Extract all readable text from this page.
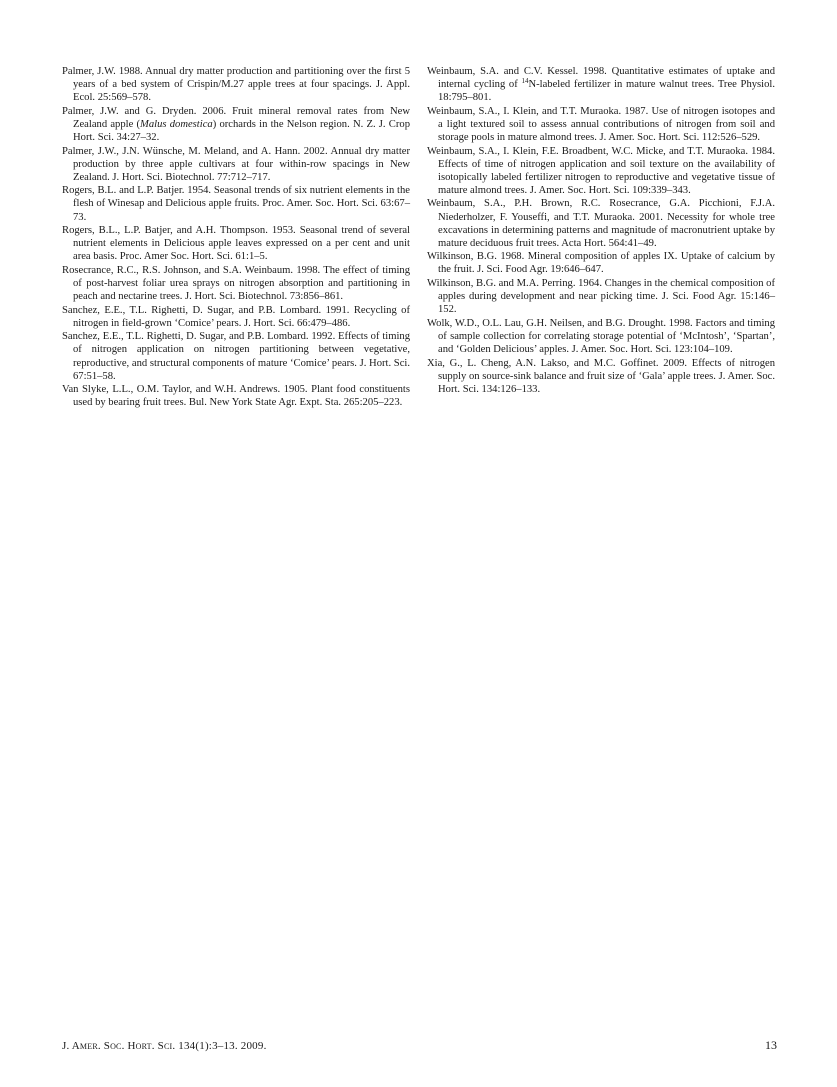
Palmer, J.W. 1988. Annual dry matter production and partitioning over the first 5 years of a bed system of Crispin/M.27 apple trees at four spacings. J. Appl. Ecol. 25:569–578.

Palmer, J.W. and G. Dryden. 2006. Fruit mineral removal rates from New Zealand apple (Malus domestica) orchards in the Nelson region. N. Z. J. Crop Hort. Sci. 34:27–32.

Palmer, J.W., J.N. Wünsche, M. Meland, and A. Hann. 2002. Annual dry matter production by three apple cultivars at four within-row spacings in New Zealand. J. Hort. Sci. Biotechnol. 77:712–717.

Rogers, B.L. and L.P. Batjer. 1954. Seasonal trends of six nutrient elements in the flesh of Winesap and Delicious apple fruits. Proc. Amer. Soc. Hort. Sci. 63:67–73.

Rogers, B.L., L.P. Batjer, and A.H. Thompson. 1953. Seasonal trend of several nutrient elements in Delicious apple leaves expressed on a per cent and unit area basis. Proc. Amer Soc. Hort. Sci. 61:1–5.

Rosecrance, R.C., R.S. Johnson, and S.A. Weinbaum. 1998. The effect of timing of post-harvest foliar urea sprays on nitrogen absorption and partitioning in peach and nectarine trees. J. Hort. Sci. Biotechnol. 73:856–861.

Sanchez, E.E., T.L. Righetti, D. Sugar, and P.B. Lombard. 1991. Recycling of nitrogen in field-grown ‘Comice’ pears. J. Hort. Sci. 66:479–486.

Sanchez, E.E., T.L. Righetti, D. Sugar, and P.B. Lombard. 1992. Effects of timing of nitrogen application on nitrogen partitioning between vegetative, reproductive, and structural components of mature ‘Comice’ pears. J. Hort. Sci. 67:51–58.

Van Slyke, L.L., O.M. Taylor, and W.H. Andrews. 1905. Plant food constituents used by bearing fruit trees. Bul. New York State Agr. Expt. Sta. 265:205–223.

Weinbaum, S.A. and C.V. Kessel. 1998. Quantitative estimates of uptake and internal cycling of $^{14}$N-labeled fertilizer in mature walnut trees. Tree Physiol. 18:795–801.

Weinbaum, S.A., I. Klein, and T.T. Muraoka. 1987. Use of nitrogen isotopes and a light textured soil to assess annual contributions of nitrogen from soil and storage pools in mature almond trees. J. Amer. Soc. Hort. Sci. 112:526–529.

Weinbaum, S.A., I. Klein, F.E. Broadbent, W.C. Micke, and T.T. Muraoka. 1984. Effects of time of nitrogen application and soil texture on the availability of isotopically labeled fertilizer nitrogen to reproductive and vegetative tissue of mature almond trees. J. Amer. Soc. Hort. Sci. 109:339–343.

Weinbaum, S.A., P.H. Brown, R.C. Rosecrance, G.A. Picchioni, F.J.A. Niederholzer, F. Youseffi, and T.T. Muraoka. 2001. Necessity for whole tree excavations in determining patterns and magnitude of macronutrient uptake by mature deciduous fruit trees. Acta Hort. 564:41–49.

Wilkinson, B.G. 1968. Mineral composition of apples IX. Uptake of calcium by the fruit. J. Sci. Food Agr. 19:646–647.

Wilkinson, B.G. and M.A. Perring. 1964. Changes in the chemical composition of apples during development and near picking time. J. Sci. Food Agr. 15:146–152.

Wolk, W.D., O.L. Lau, G.H. Neilsen, and B.G. Drought. 1998. Factors and timing of sample collection for correlating storage potential of ‘McIntosh’, ‘Spartan’, and ‘Golden Delicious’ apples. J. Amer. Soc. Hort. Sci. 123:104–109.

Xia, G., L. Cheng, A.N. Lakso, and M.C. Goffinet. 2009. Effects of nitrogen supply on source-sink balance and fruit size of ‘Gala’ apple trees. J. Amer. Soc. Hort. Sci. 134:126–133.

J. Amer. Soc. Hort. Sci. 134(1):3–13. 2009.	13
